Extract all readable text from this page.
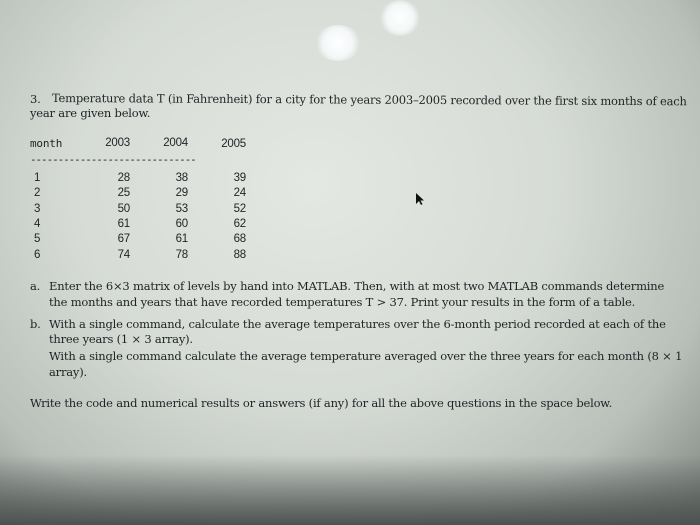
3. Temperature data T (in Fahrenheit) for a city for the years 2003–2005 recorded over the first six months of each
year are given below.
month	2003	2004	2005
------------------------------
1	28	38	39
2	25	29	24
3	50	53	52
4	61	60	62
5	67	61	68
6	74	78	88
a. Enter the 6×3 matrix of levels by hand into MATLAB. Then, with at most two MATLAB commands determine
the months and years that have recorded temperatures T > 37. Print your results in the form of a table.
b. With a single command, calculate the average temperatures over the 6-month period recorded at each of the
three years (1 × 3 array).
With a single command calculate the average temperature averaged over the three years for each month (8 × 1
array).
Write the code and numerical results or answers (if any) for all the above questions in the space below.
